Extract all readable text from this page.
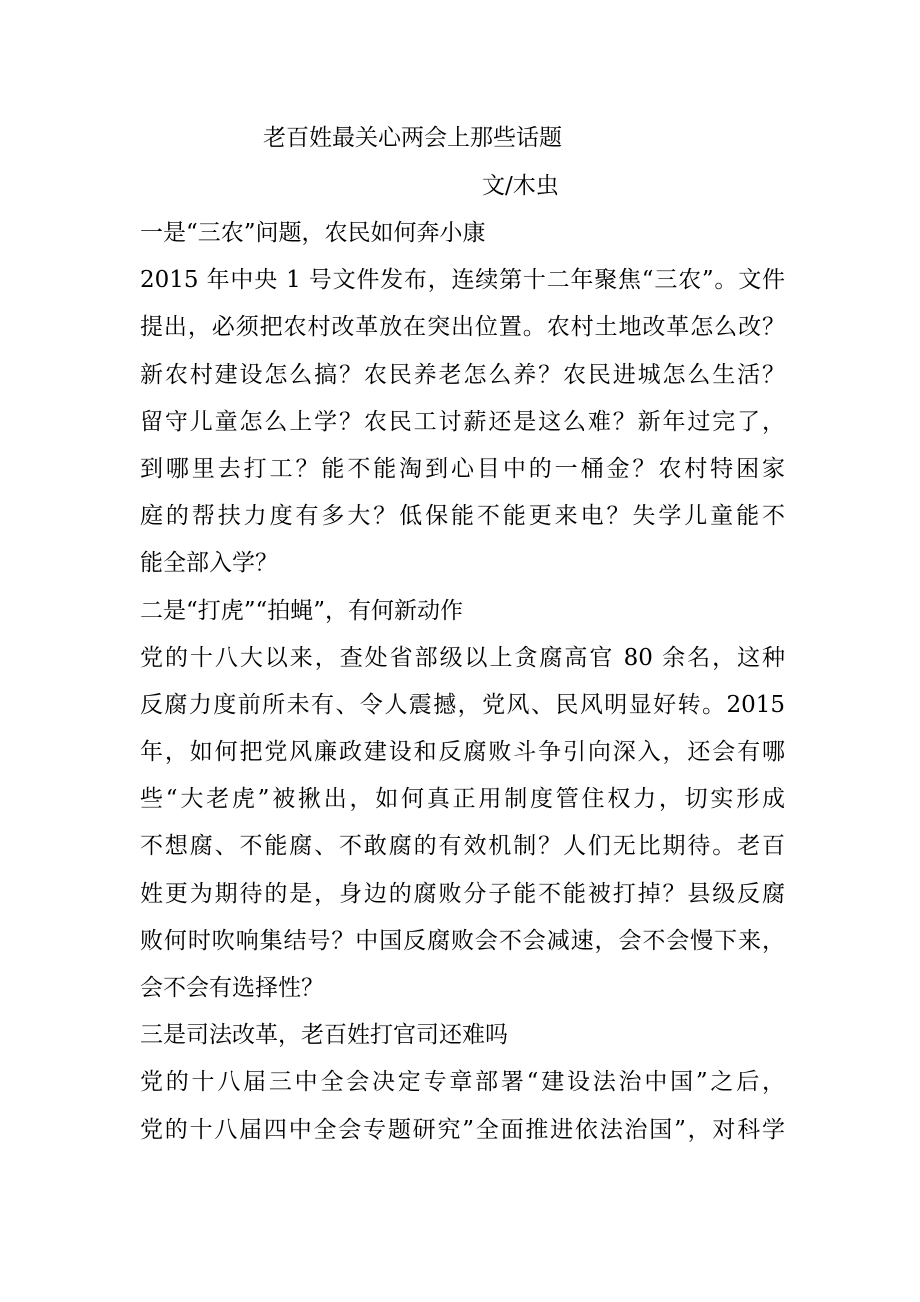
老百姓最关心两会上那些话题
文/木虫
一是“三农”问题，农民如何奔小康
2015 年中央 1 号文件发布，连续第十二年聚焦“三农”。文件
提出，必须把农村改革放在突出位置。农村土地改革怎么改？
新农村建设怎么搞？农民养老怎么养？农民进城怎么生活？
留守儿童怎么上学？农民工讨薪还是这么难？新年过完了，
到哪里去打工？能不能淘到心目中的一桶金？农村特困家
庭的帮扶力度有多大？低保能不能更来电？失学儿童能不
能全部入学？
二是“打虎”“拍蝇”，有何新动作
党的十八大以来，查处省部级以上贪腐高官 80 余名，这种
反腐力度前所未有、令人震撼，党风、民风明显好转。2015
年，如何把党风廉政建设和反腐败斗争引向深入，还会有哪
些“大老虎”被揪出，如何真正用制度管住权力，切实形成
不想腐、不能腐、不敢腐的有效机制？人们无比期待。老百
姓更为期待的是，身边的腐败分子能不能被打掉？县级反腐
败何时吹响集结号？中国反腐败会不会减速，会不会慢下来，
会不会有选择性？
三是司法改革，老百姓打官司还难吗
党的十八届三中全会决定专章部署“建设法治中国”之后，
党的十八届四中全会专题研究”全面推进依法治国”，对科学
